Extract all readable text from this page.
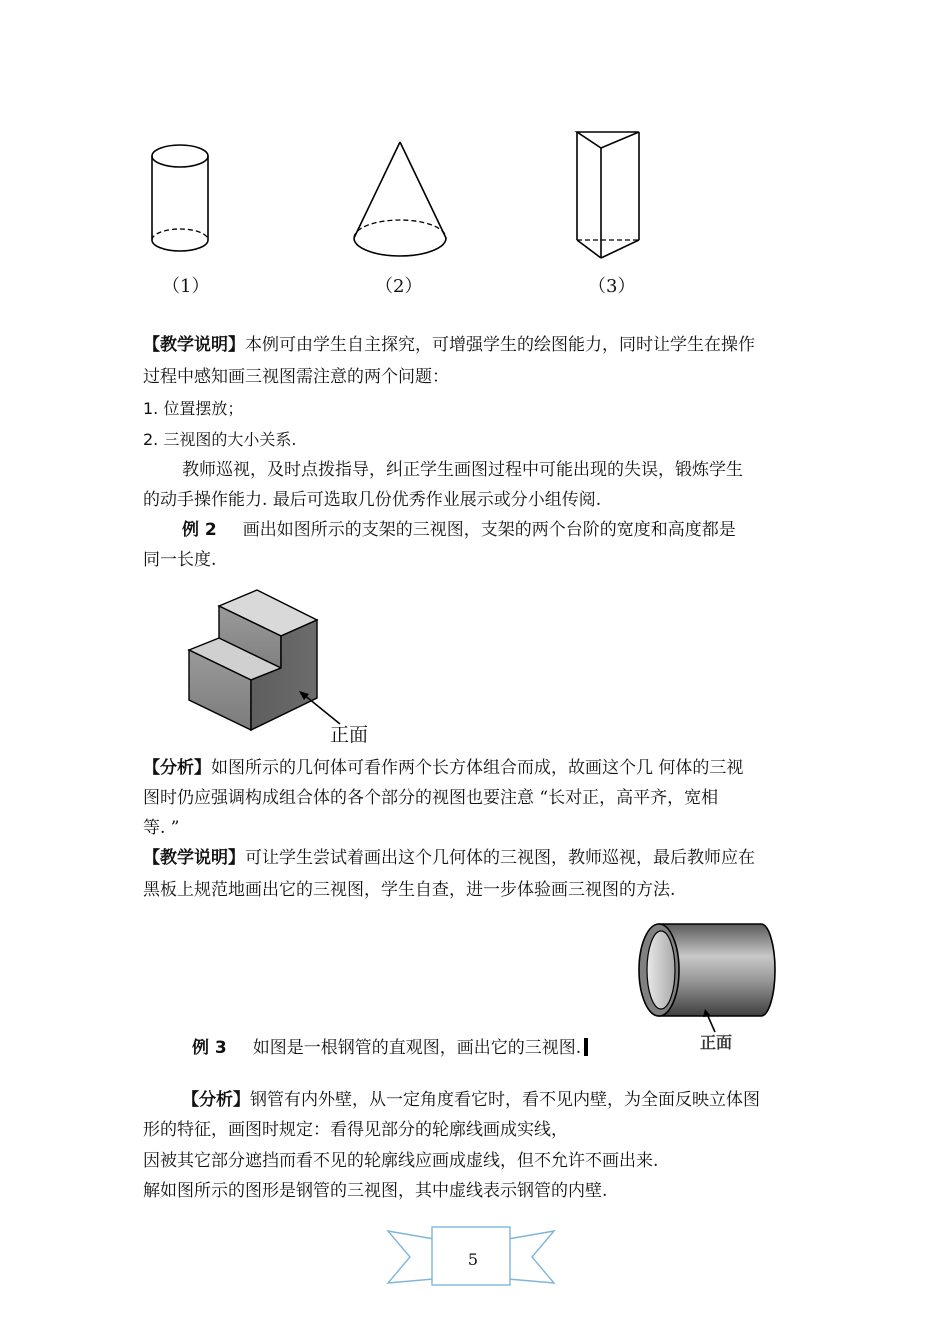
（1）	（2）	（3）
【教学说明】本例可由学生自主探究，可增强学生的绘图能力，同时让学生在操作
过程中感知画三视图需注意的两个问题：
1. 位置摆放；
2. 三视图的大小关系.
教师巡视，及时点拨指导，纠正学生画图过程中可能出现的失误，锻炼学生
的动手操作能力. 最后可选取几份优秀作业展示或分小组传阅.
例 2 画出如图所示的支架的三视图，支架的两个台阶的宽度和高度都是
同一长度.
正面
【分析】如图所示的几何体可看作两个长方体组合而成，故画这个几 何体的三视
图时仍应强调构成组合体的各个部分的视图也要注意 “长对正，高平齐，宽相
等. ”
【教学说明】可让学生尝试着画出这个几何体的三视图，教师巡视，最后教师应在
黑板上规范地画出它的三视图，学生自查，进一步体验画三视图的方法.
正面
例 3 如图是一根钢管的直观图，画出它的三视图.
【分析】钢管有内外壁，从一定角度看它时，看不见内壁，为全面反映立体图
形的特征，画图时规定：看得见部分的轮廓线画成实线，
因被其它部分遮挡而看不见的轮廓线应画成虚线，但不允许不画出来.
解如图所示的图形是钢管的三视图，其中虚线表示钢管的内壁.
5
